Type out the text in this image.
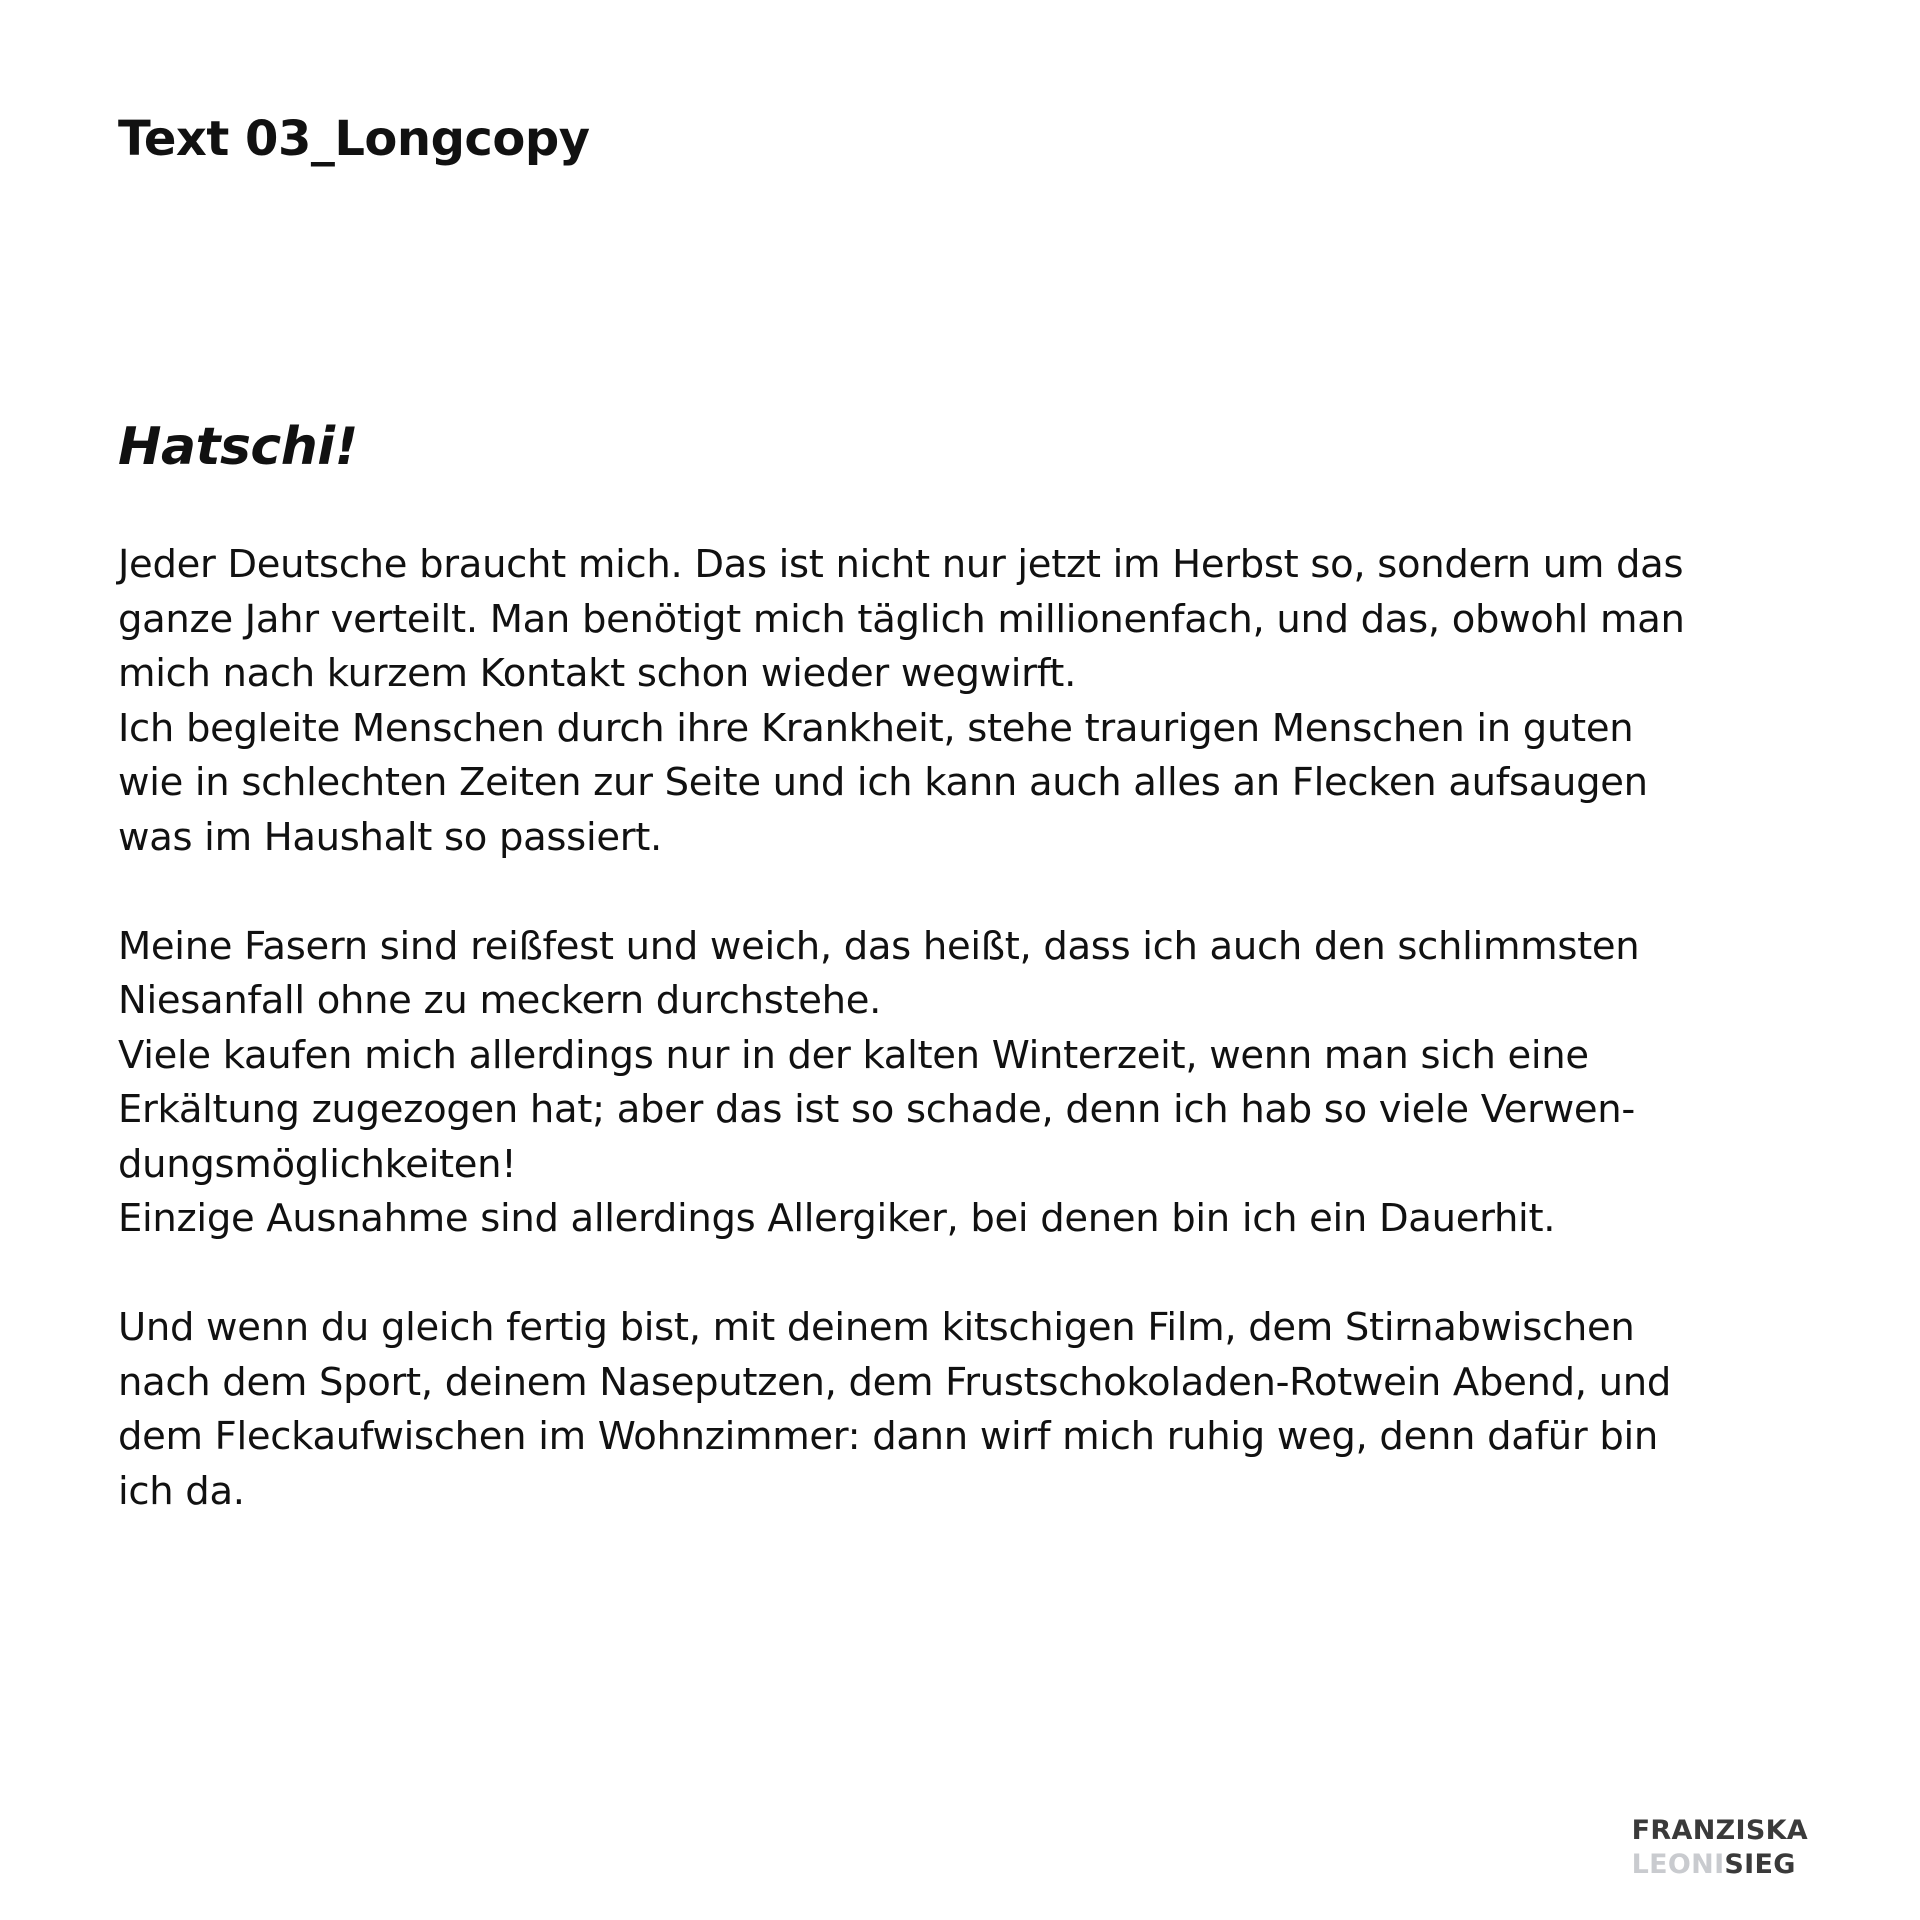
Text 03_Longcopy
Hatschi!

Jeder Deutsche braucht mich. Das ist nicht nur jetzt im Herbst so, sondern um das
ganze Jahr verteilt. Man benötigt mich täglich millionenfach, und das, obwohl man
mich nach kurzem Kontakt schon wieder wegwirft.
Ich begleite Menschen durch ihre Krankheit, stehe traurigen Menschen in guten
wie in schlechten Zeiten zur Seite und ich kann auch alles an Flecken aufsaugen
was im Haushalt so passiert.

Meine Fasern sind reißfest und weich, das heißt, dass ich auch den schlimmsten
Niesanfall ohne zu meckern durchstehe.
Viele kaufen mich allerdings nur in der kalten Winterzeit, wenn man sich eine
Erkältung zugezogen hat; aber das ist so schade, denn ich hab so viele Verwen-
dungsmöglichkeiten!
Einzige Ausnahme sind allerdings Allergiker, bei denen bin ich ein Dauerhit.

Und wenn du gleich fertig bist, mit deinem kitschigen Film, dem Stirnabwischen
nach dem Sport, deinem Naseputzen, dem Frustschokoladen-Rotwein Abend, und
dem Fleckaufwischen im Wohnzimmer: dann wirf mich ruhig weg, denn dafür bin
ich da.

FRANZISKA
LEONISIEG
